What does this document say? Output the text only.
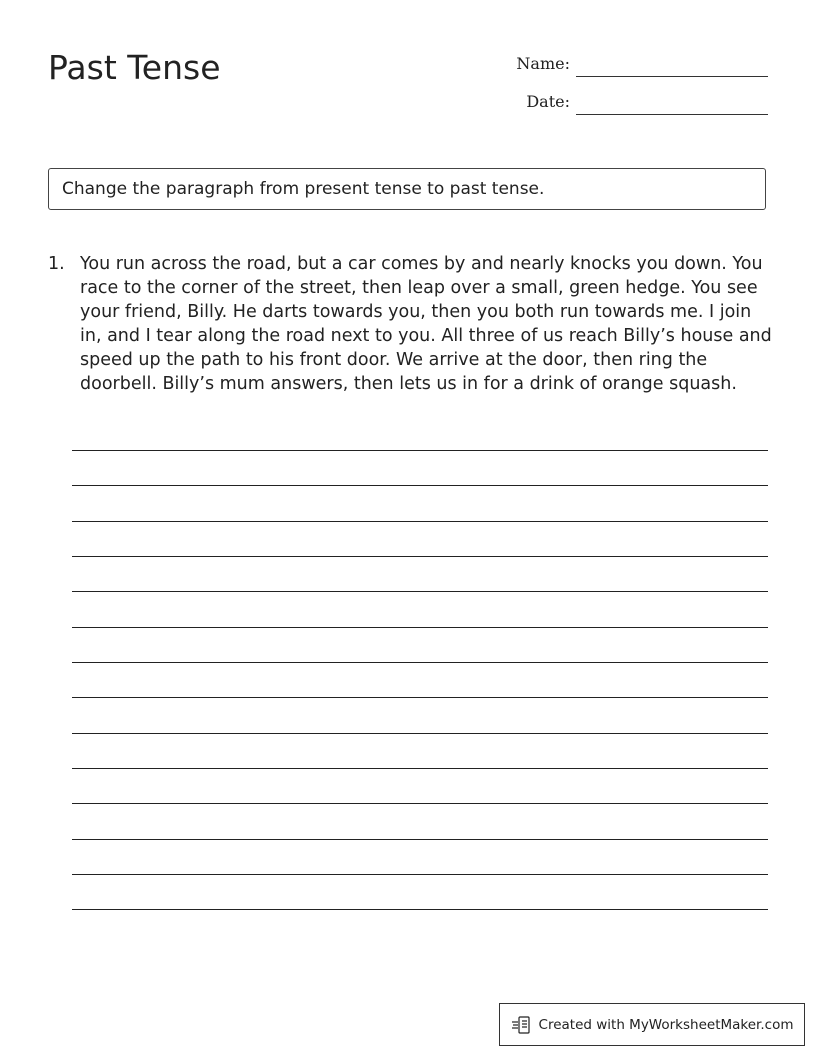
Past Tense	Name:
Date:
Change the paragraph from present tense to past tense.
1. You run across the road, but a car comes by and nearly knocks you down. You race to the corner of the street, then leap over a small, green hedge. You see your friend, Billy. He darts towards you, then you both run towards me. I join in, and I tear along the road next to you. All three of us reach Billy’s house and speed up the path to his front door. We arrive at the door, then ring the doorbell. Billy’s mum answers, then lets us in for a drink of orange squash.
Created with MyWorksheetMaker.com
